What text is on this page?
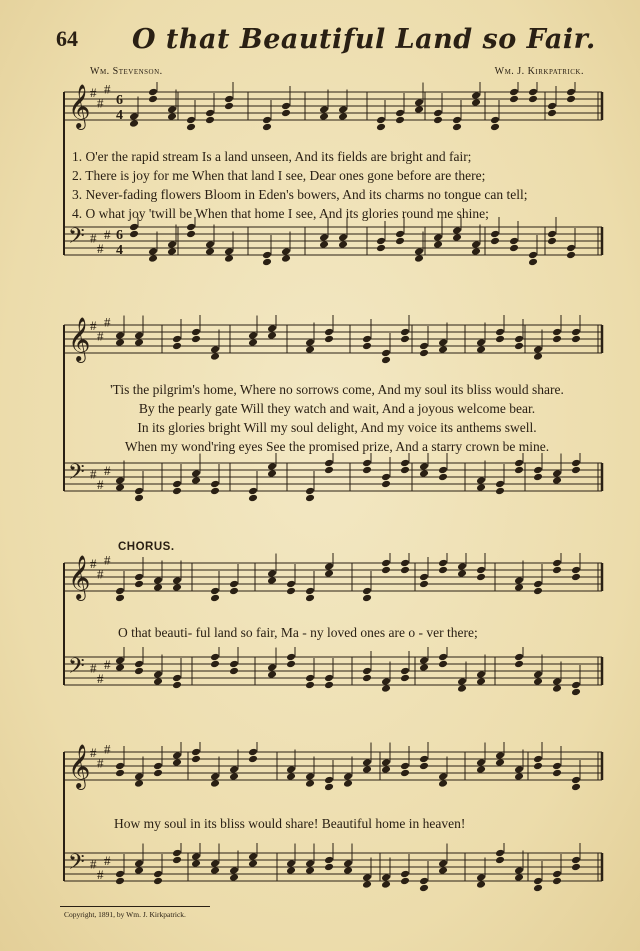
64 O that Beautiful Land so Fair.
Wm. Stevenson.	Wm. J. Kirkpatrick.
𝄞 #
#
#
6
4
𝄢 #
#
# 6
4
𝄞 #
#
#
𝄢 #
#
#
𝄞 #
#
#
𝄢 #
#
#
𝄞 #
#
#
𝄢 #
#
#
1. O'er the rapid stream Is a land unseen, And its fields are bright and fair;
2. There is joy for me When that land I see, Dear ones gone before are there;
3. Never-fading flowers Bloom in Eden's bowers, And its charms no tongue can tell;
4. O what joy 'twill be When that home I see, And its glories round me shine;
'Tis the pilgrim's home, Where no sorrows come, And my soul its bliss would share.
By the pearly gate Will they watch and wait, And a joyous welcome bear.
In its glories bright Will my soul delight, And my voice its anthems swell.
When my wond'ring eyes See the promised prize, And a starry crown be mine.
CHORUS.
O that beauti- ful land so fair, Ma - ny loved ones are o - ver there;
How my soul in its bliss would share! Beautiful home in heaven!
Copyright, 1891, by Wm. J. Kirkpatrick.
